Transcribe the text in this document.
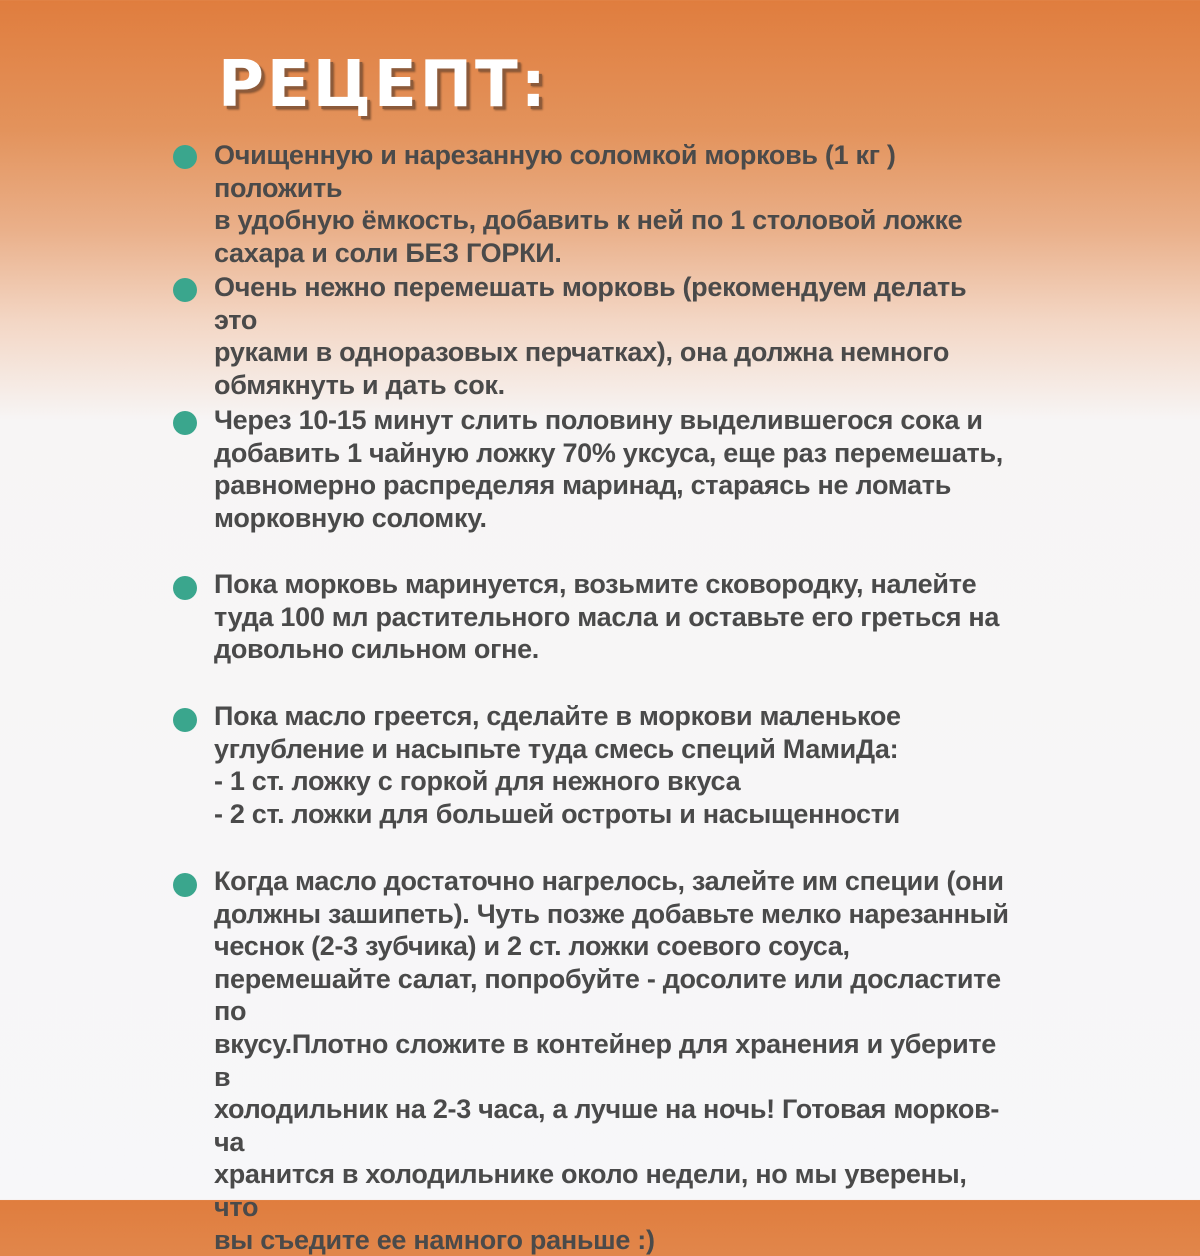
РЕЦЕПТ:

Очищенную и нарезанную соломкой морковь (1 кг ) положить
в удобную ёмкость, добавить к ней по 1 столовой ложке
сахара и соли БЕЗ ГОРКИ.

Очень нежно перемешать морковь (рекомендуем делать это
руками в одноразовых перчатках), она должна немного
обмякнуть и дать сок.

Через 10-15 минут слить половину выделившегося сока и
добавить 1 чайную ложку 70% уксуса, еще раз перемешать,
равномерно распределяя маринад, стараясь не ломать
морковную соломку.

Пока морковь маринуется, возьмите сковородку, налейте
туда 100 мл растительного масла и оставьте его греться на
довольно сильном огне.

Пока масло греется, сделайте в моркови маленькое
углубление и насыпьте туда смесь специй МамиДа:
- 1 ст. ложку с горкой для нежного вкуса
- 2 ст. ложки для большей остроты и насыщенности

Когда масло достаточно нагрелось, залейте им специи (они
должны зашипеть). Чуть позже добавьте мелко нарезанный
чеснок (2-3 зубчика) и 2 ст. ложки соевого соуса,
перемешайте салат, попробуйте - досолите или досластите по
вкусу.Плотно сложите в контейнер для хранения и уберите в
холодильник на 2-3 часа, а лучше на ночь! Готовая морков-ча
хранится в холодильнике около недели, но мы уверены, что
вы съедите ее намного раньше :)
